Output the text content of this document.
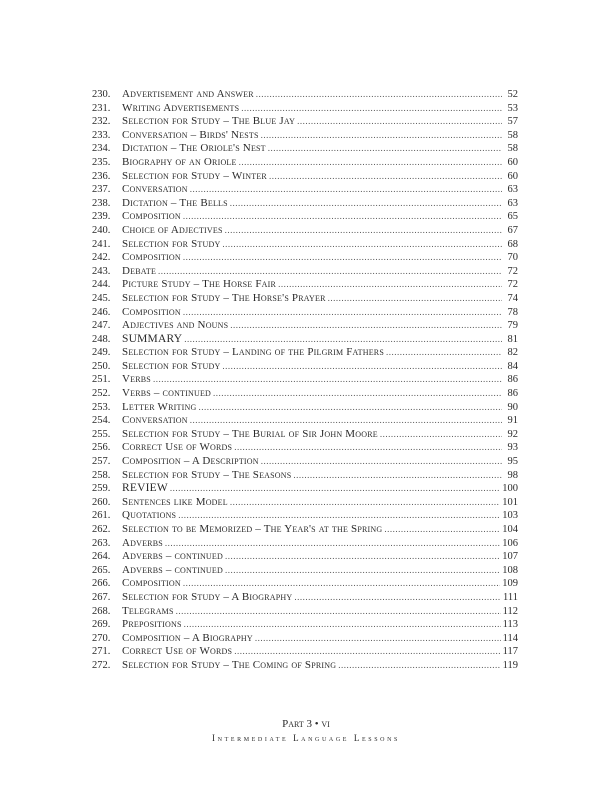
230.	Advertisement and Answer .....	52
231.	Writing Advertisements .....	53
232.	Selection for Study – The Blue Jay .....	57
233.	Conversation – Birds' Nests .....	58
234.	Dictation – The Oriole's Nest .....	58
235.	Biography of an Oriole .....	60
236.	Selection for Study – Winter .....	60
237.	Conversation .....	63
238.	Dictation – The Bells .....	63
239.	Composition .....	65
240.	Choice of Adjectives .....	67
241.	Selection for Study .....	68
242.	Composition .....	70
243.	Debate .....	72
244.	Picture Study – The Horse Fair .....	72
245.	Selection for Study – The Horse's Prayer .....	74
246.	Composition .....	78
247.	Adjectives and Nouns .....	79
248.	SUMMARY .....	81
249.	Selection for Study – Landing of the Pilgrim Fathers .....	82
250.	Selection for Study .....	84
251.	Verbs .....	86
252.	Verbs – continued .....	86
253.	Letter Writing .....	90
254.	Conversation .....	91
255.	Selection for Study – The Burial of Sir John Moore .....	92
256.	Correct Use of Words .....	93
257.	Composition – A Description .....	95
258.	Selection for Study – The Seasons .....	98
259.	REVIEW .....	100
260.	Sentences like Model .....	101
261.	Quotations .....	103
262.	Selection to be Memorized – The Year's at the Spring .....	104
263.	Adverbs .....	106
264.	Adverbs – continued .....	107
265.	Adverbs – continued .....	108
266.	Composition .....	109
267.	Selection for Study – A Biography .....	111
268.	Telegrams .....	112
269.	Prepositions .....	113
270.	Composition – A Biography .....	114
271.	Correct Use of Words .....	117
272.	Selection for Study – The Coming of Spring .....	119
Part 3 • vi
Intermediate Language Lessons
